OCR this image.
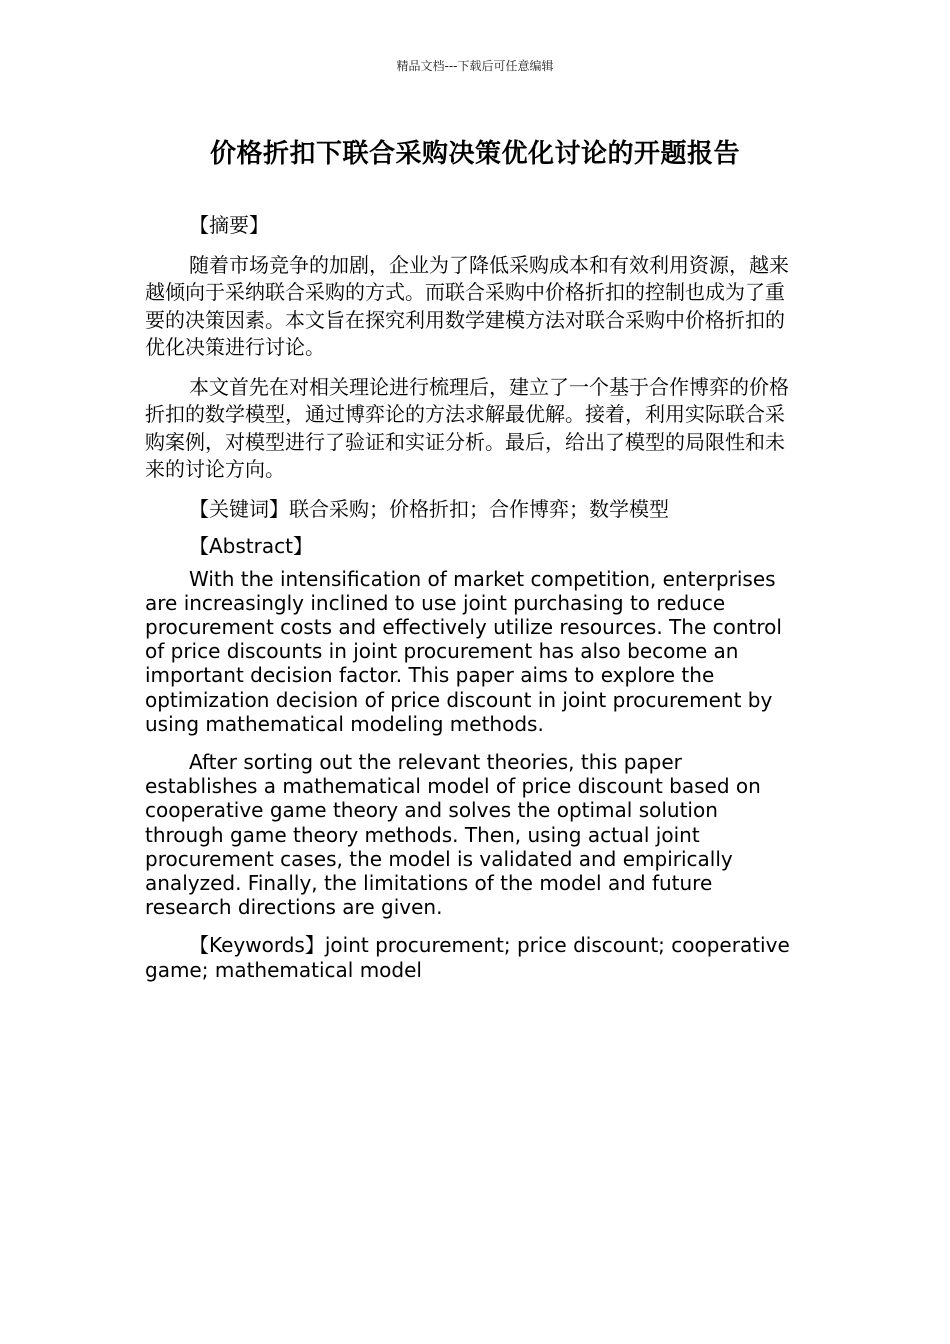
精品文档---下载后可任意编辑
价格折扣下联合采购决策优化讨论的开题报告

【摘要】

随着市场竞争的加剧，企业为了降低采购成本和有效利用资源，越来越倾向于采纳联合采购的方式。而联合采购中价格折扣的控制也成为了重要的决策因素。本文旨在探究利用数学建模方法对联合采购中价格折扣的优化决策进行讨论。

本文首先在对相关理论进行梳理后，建立了一个基于合作博弈的价格折扣的数学模型，通过博弈论的方法求解最优解。接着，利用实际联合采购案例，对模型进行了验证和实证分析。最后，给出了模型的局限性和未来的讨论方向。

【关键词】联合采购；价格折扣；合作博弈；数学模型

【Abstract】

With the intensification of market competition, enterprises are increasingly inclined to use joint purchasing to reduce procurement costs and effectively utilize resources. The control of price discounts in joint procurement has also become an important decision factor. This paper aims to explore the optimization decision of price discount in joint procurement by using mathematical modeling methods.

After sorting out the relevant theories, this paper establishes a mathematical model of price discount based on cooperative game theory and solves the optimal solution through game theory methods. Then, using actual joint procurement cases, the model is validated and empirically analyzed. Finally, the limitations of the model and future research directions are given.

【Keywords】joint procurement; price discount; cooperative game; mathematical model
